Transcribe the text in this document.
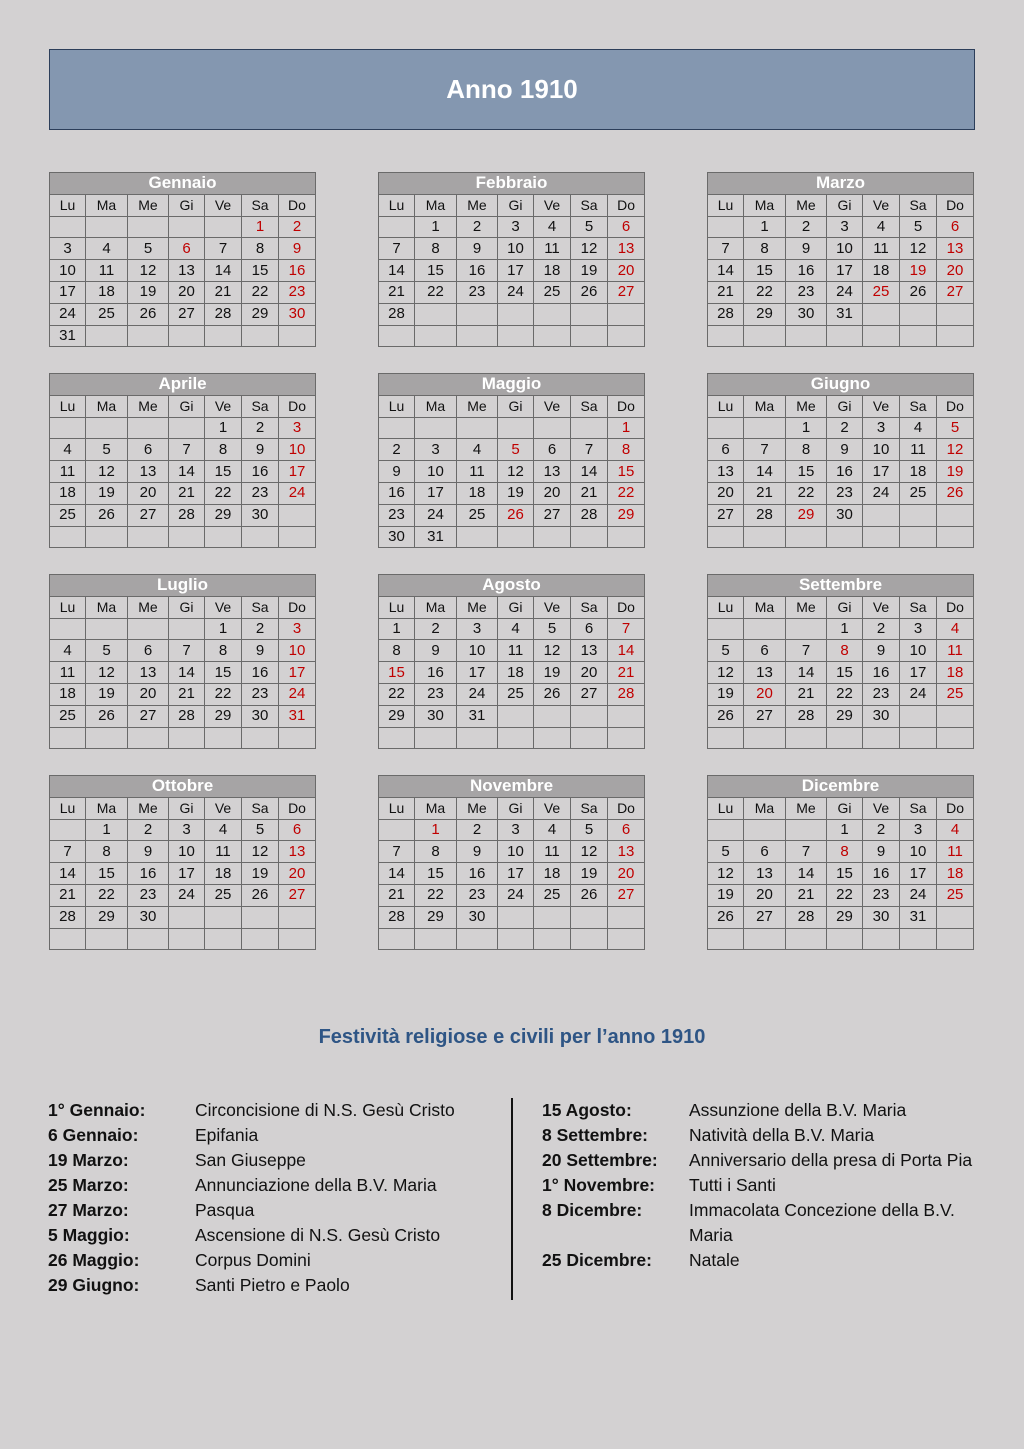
Anno 1910
Gennaio						
Lu	Ma	Me	Gi	Ve	Sa	Do
					1	2
3	4	5	6	7	8	9
10	11	12	13	14	15	16
17	18	19	20	21	22	23
24	25	26	27	28	29	30
31						
Febbraio						
Lu	Ma	Me	Gi	Ve	Sa	Do
	1	2	3	4	5	6
7	8	9	10	11	12	13
14	15	16	17	18	19	20
21	22	23	24	25	26	27
28						

Marzo						
Lu	Ma	Me	Gi	Ve	Sa	Do
	1	2	3	4	5	6
7	8	9	10	11	12	13
14	15	16	17	18	19	20
21	22	23	24	25	26	27
28	29	30	31			

Aprile						
Lu	Ma	Me	Gi	Ve	Sa	Do
				1	2	3
4	5	6	7	8	9	10
11	12	13	14	15	16	17
18	19	20	21	22	23	24
25	26	27	28	29	30	

Maggio						
Lu	Ma	Me	Gi	Ve	Sa	Do
						1
2	3	4	5	6	7	8
9	10	11	12	13	14	15
16	17	18	19	20	21	22
23	24	25	26	27	28	29
30	31					
Giugno						
Lu	Ma	Me	Gi	Ve	Sa	Do
		1	2	3	4	5
6	7	8	9	10	11	12
13	14	15	16	17	18	19
20	21	22	23	24	25	26
27	28	29	30			

Luglio						
Lu	Ma	Me	Gi	Ve	Sa	Do
				1	2	3
4	5	6	7	8	9	10
11	12	13	14	15	16	17
18	19	20	21	22	23	24
25	26	27	28	29	30	31

Agosto						
Lu	Ma	Me	Gi	Ve	Sa	Do
1	2	3	4	5	6	7
8	9	10	11	12	13	14
15	16	17	18	19	20	21
22	23	24	25	26	27	28
29	30	31				

Settembre						
Lu	Ma	Me	Gi	Ve	Sa	Do
			1	2	3	4
5	6	7	8	9	10	11
12	13	14	15	16	17	18
19	20	21	22	23	24	25
26	27	28	29	30		

Ottobre						
Lu	Ma	Me	Gi	Ve	Sa	Do
	1	2	3	4	5	6
7	8	9	10	11	12	13
14	15	16	17	18	19	20
21	22	23	24	25	26	27
28	29	30				

Novembre						
Lu	Ma	Me	Gi	Ve	Sa	Do
	1	2	3	4	5	6
7	8	9	10	11	12	13
14	15	16	17	18	19	20
21	22	23	24	25	26	27
28	29	30				

Dicembre						
Lu	Ma	Me	Gi	Ve	Sa	Do
			1	2	3	4
5	6	7	8	9	10	11
12	13	14	15	16	17	18
19	20	21	22	23	24	25
26	27	28	29	30	31	

Festività religiose e civili per l’anno 1910
1° Gennaio:	Circoncisione di N.S. Gesù Cristo
6 Gennaio:	Epifania
19 Marzo:	San Giuseppe
25 Marzo:	Annunciazione della B.V. Maria
27 Marzo:	Pasqua
5 Maggio:	Ascensione di N.S. Gesù Cristo
26 Maggio:	Corpus Domini
29 Giugno:	Santi Pietro e Paolo
15 Agosto:	Assunzione della B.V. Maria
8 Settembre:	Natività della B.V. Maria
20 Settembre:	Anniversario della presa di Porta Pia
1° Novembre:	Tutti i Santi
8 Dicembre:	Immacolata Concezione della B.V. Maria
25 Dicembre:	Natale
